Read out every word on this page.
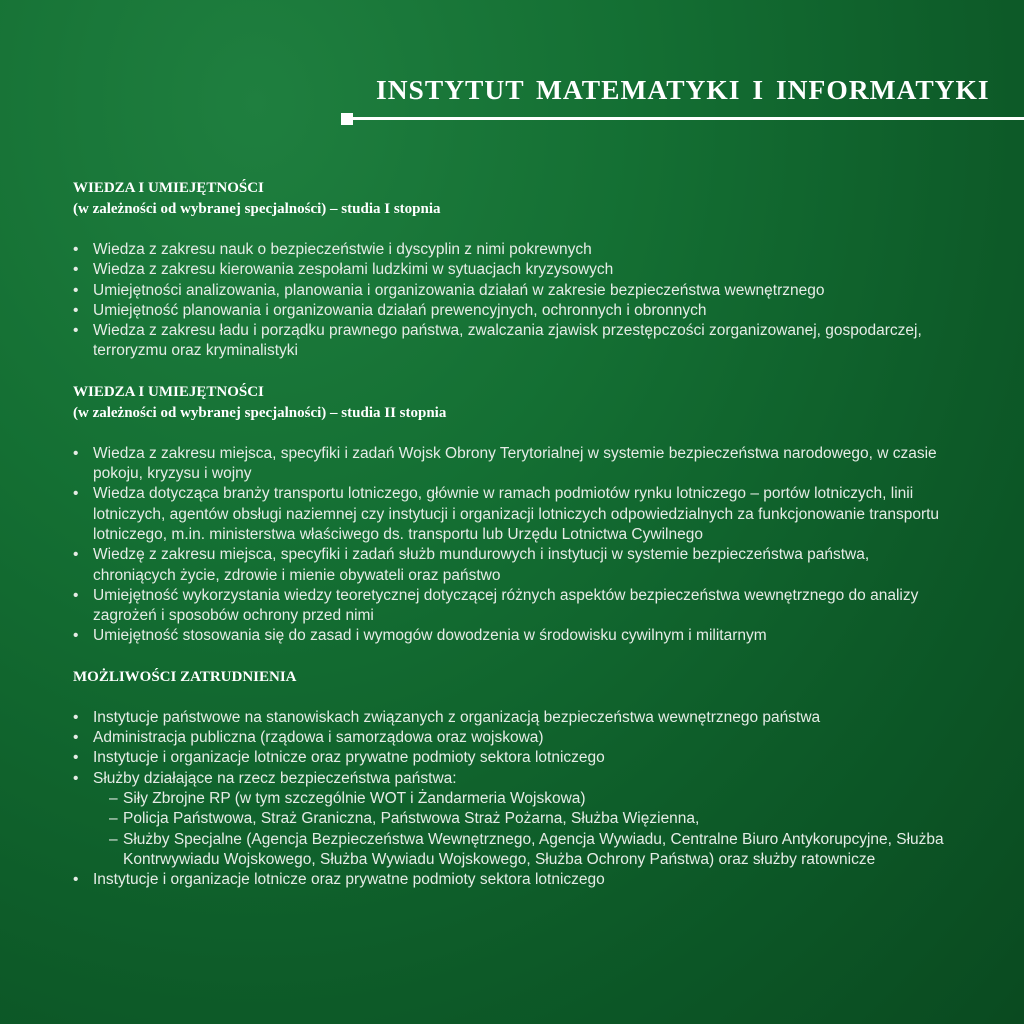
INSTYTUT MATEMATYKI I INFORMATYKI

WIEDZA I UMIEJĘTNOŚCI
(w zależności od wybranej specjalności) – studia I stopnia

• Wiedza z zakresu nauk o bezpieczeństwie i dyscyplin z nimi pokrewnych
• Wiedza z zakresu kierowania zespołami ludzkimi w sytuacjach kryzysowych
• Umiejętności analizowania, planowania i organizowania działań w zakresie bezpieczeństwa wewnętrznego
• Umiejętność planowania i organizowania działań prewencyjnych, ochronnych i obronnych
• Wiedza z zakresu ładu i porządku prawnego państwa, zwalczania zjawisk przestępczości zorganizowanej, gospodarczej, terroryzmu oraz kryminalistyki

WIEDZA I UMIEJĘTNOŚCI
(w zależności od wybranej specjalności) – studia II stopnia

• Wiedza z zakresu miejsca, specyfiki i zadań Wojsk Obrony Terytorialnej w systemie bezpieczeństwa narodowego, w czasie pokoju, kryzysu i wojny
• Wiedza dotycząca branży transportu lotniczego, głównie w ramach podmiotów rynku lotniczego – portów lotniczych, linii lotniczych, agentów obsługi naziemnej czy instytucji i organizacji lotniczych odpowiedzialnych za funkcjonowanie transportu lotniczego, m.in. ministerstwa właściwego ds. transportu lub Urzędu Lotnictwa Cywilnego
• Wiedzę z zakresu miejsca, specyfiki i zadań służb mundurowych i instytucji w systemie bezpieczeństwa państwa, chroniących życie, zdrowie i mienie obywateli oraz państwo
• Umiejętność wykorzystania wiedzy teoretycznej dotyczącej różnych aspektów bezpieczeństwa wewnętrznego do analizy zagrożeń i sposobów ochrony przed nimi
• Umiejętność stosowania się do zasad i wymogów dowodzenia w środowisku cywilnym i militarnym

MOŻLIWOŚCI ZATRUDNIENIA

• Instytucje państwowe na stanowiskach związanych z organizacją bezpieczeństwa wewnętrznego państwa
• Administracja publiczna (rządowa i samorządowa oraz wojskowa)
• Instytucje i organizacje lotnicze oraz prywatne podmioty sektora lotniczego
• Służby działające na rzecz bezpieczeństwa państwa:
– Siły Zbrojne RP (w tym szczególnie WOT i Żandarmeria Wojskowa)
– Policja Państwowa, Straż Graniczna, Państwowa Straż Pożarna, Służba Więzienna,
– Służby Specjalne (Agencja Bezpieczeństwa Wewnętrznego, Agencja Wywiadu, Centralne Biuro Antykorupcyjne, Służba Kontrwywiadu Wojskowego, Służba Wywiadu Wojskowego, Służba Ochrony Państwa) oraz służby ratownicze
• Instytucje i organizacje lotnicze oraz prywatne podmioty sektora lotniczego
